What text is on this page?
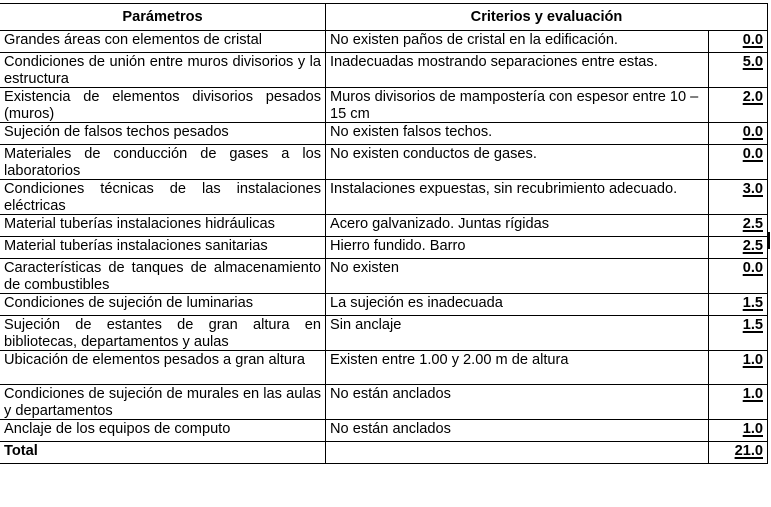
Parámetros	Criterios y evaluación	
Grandes áreas con elementos de cristal	No existen paños de cristal en la edificación.	0.0
Condiciones de unión entre muros divisorios y la estructura	Inadecuadas mostrando separaciones entre estas.	5.0
Existencia de elementos divisorios pesados (muros)	Muros divisorios de mampostería con espesor entre 10 – 15 cm	2.0
Sujeción de falsos techos pesados	No existen falsos techos.	0.0
Materiales de conducción de gases a los laboratorios	No existen conductos de gases.	0.0
Condiciones técnicas de las instalaciones eléctricas	Instalaciones expuestas, sin recubrimiento adecuado.	3.0
Material tuberías instalaciones hidráulicas	Acero galvanizado. Juntas rígidas	2.5
Material tuberías instalaciones sanitarias	Hierro fundido. Barro	2.5
Características de tanques de almacenamiento de combustibles	No existen	0.0
Condiciones de sujeción de luminarias	La sujeción es inadecuada	1.5
Sujeción de estantes de gran altura en bibliotecas, departamentos y aulas	Sin anclaje	1.5
Ubicación de elementos pesados a gran altura	Existen entre 1.00 y 2.00 m de altura	1.0
Condiciones de sujeción de murales en las aulas y departamentos	No están anclados	1.0
Anclaje de los equipos de computo	No están anclados	1.0
Total		21.0
